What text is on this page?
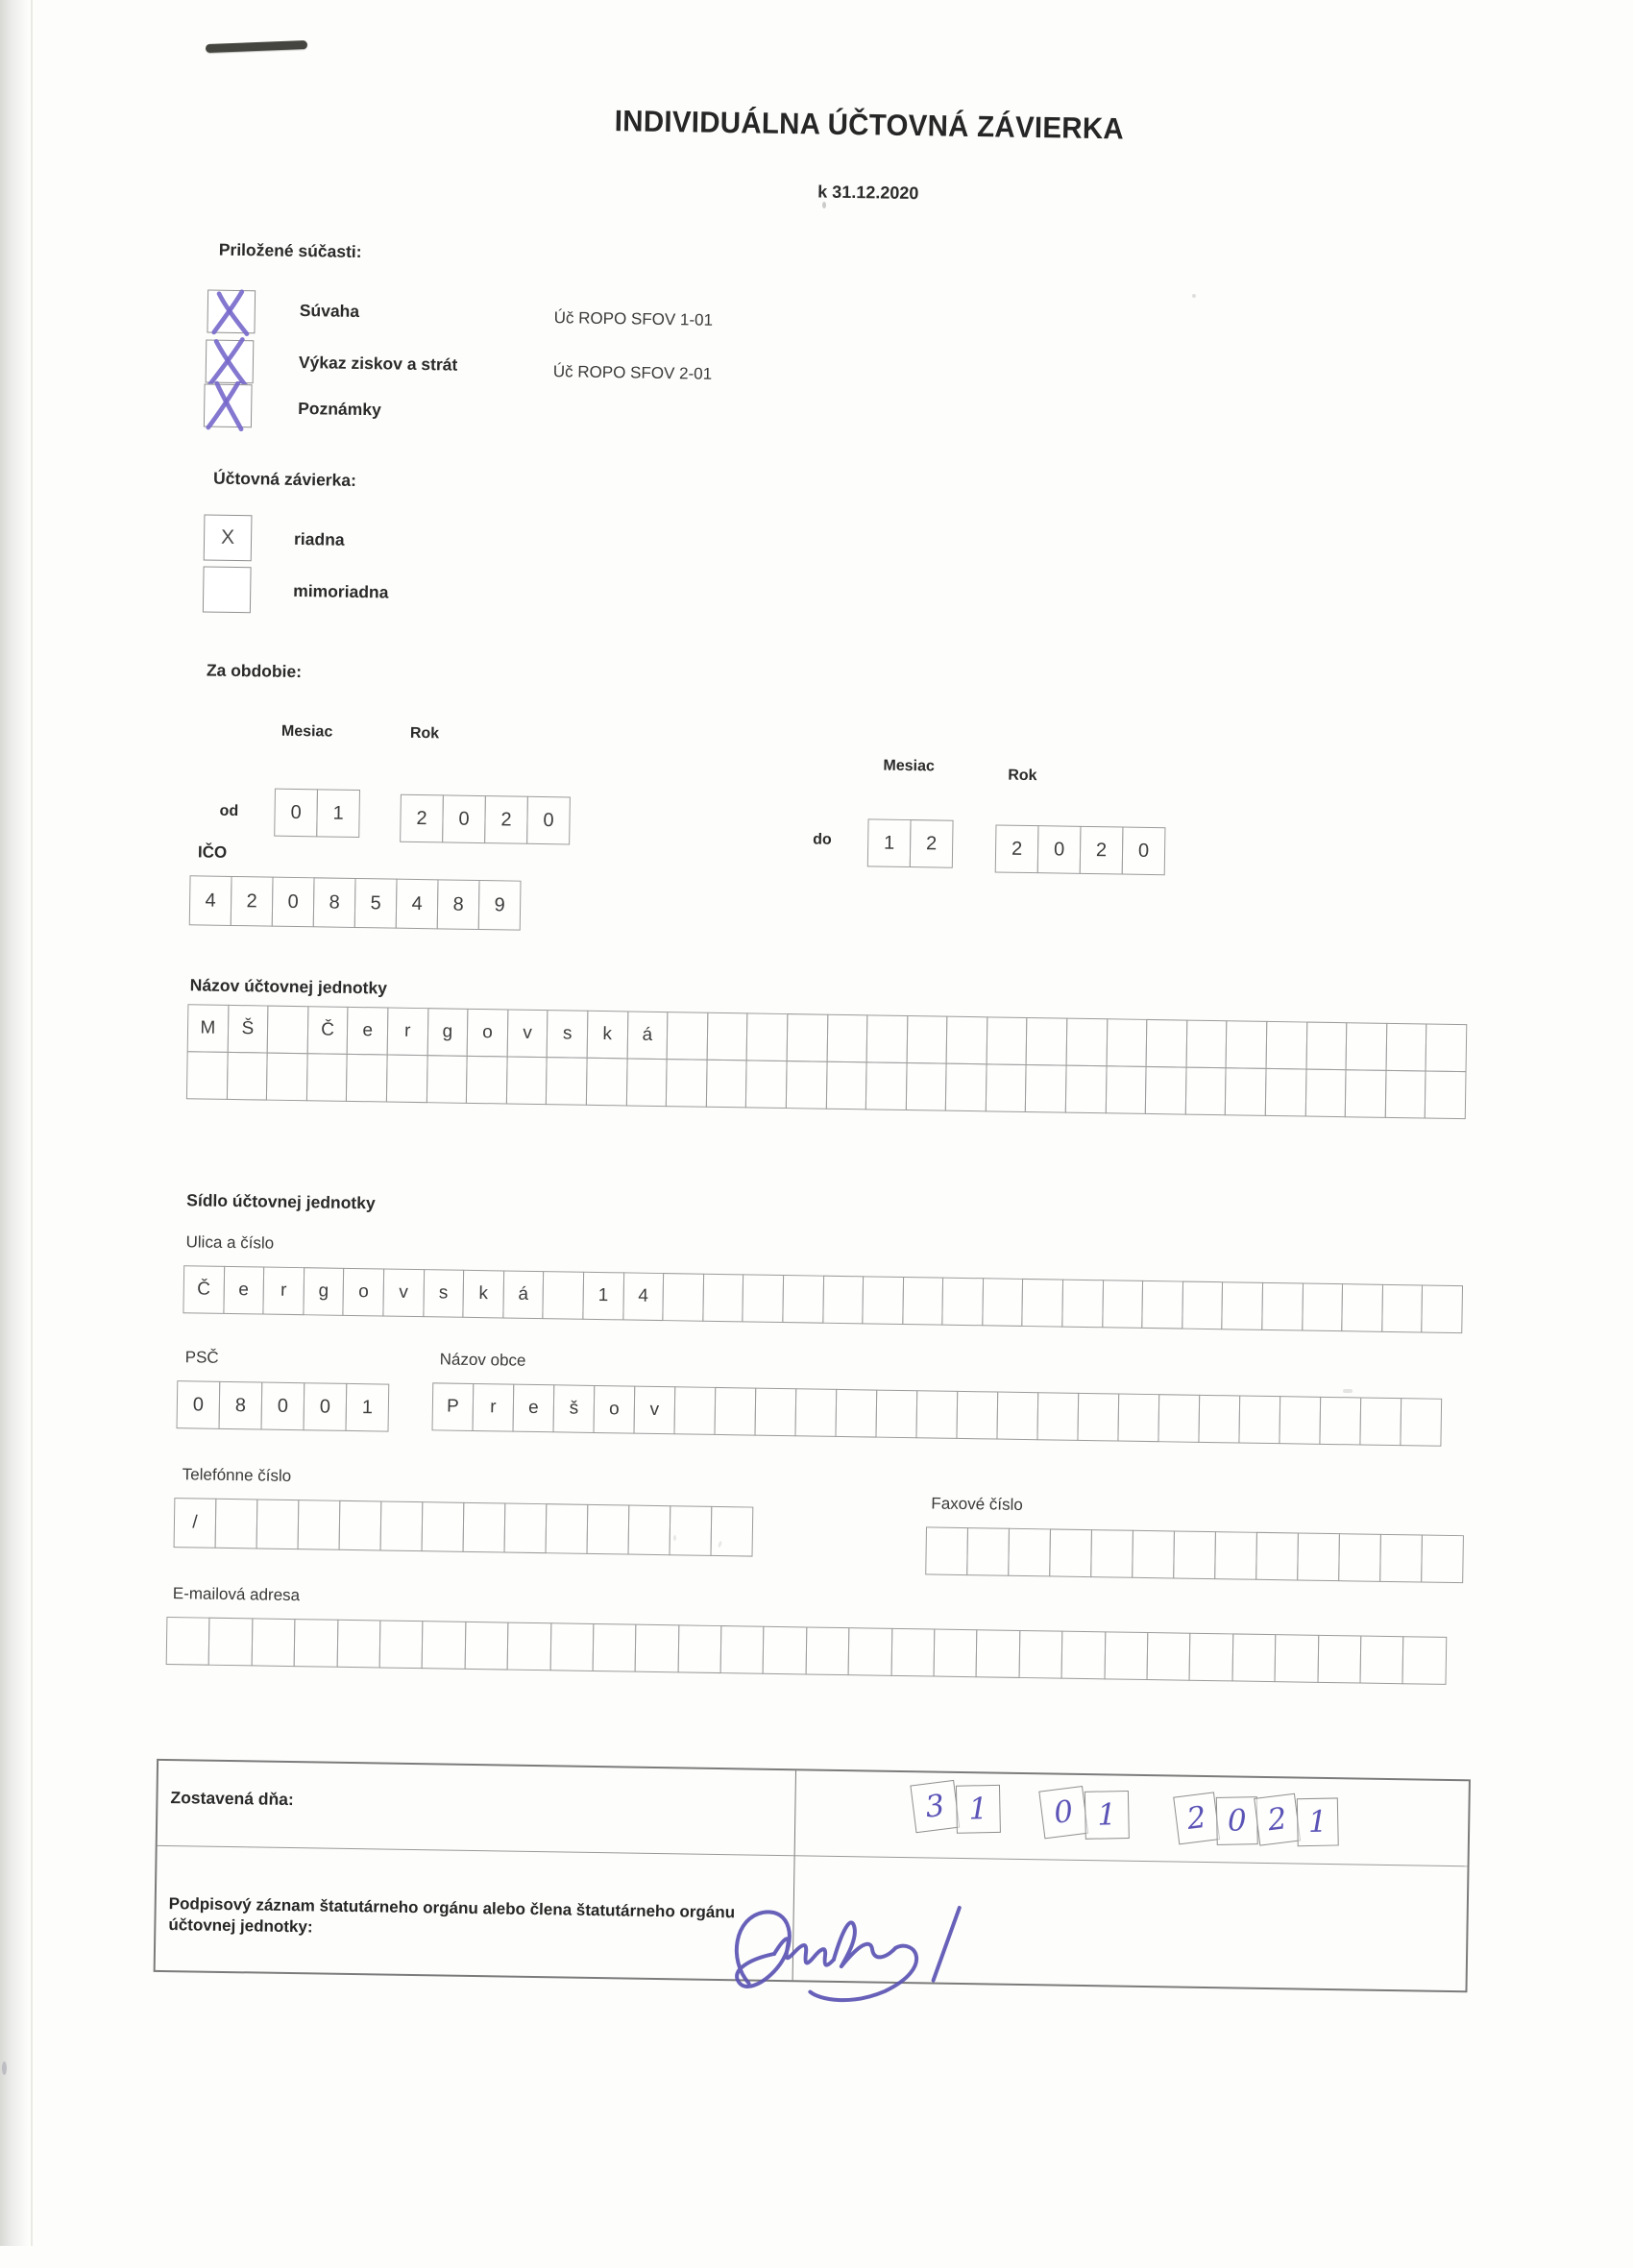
INDIVIDUÁLNA ÚČTOVNÁ ZÁVIERKA
k 31.12.2020
Priložené súčasti:
Súvaha	Úč ROPO SFOV 1-01
Výkaz ziskov a strát	Úč ROPO SFOV 2-01
Poznámky
Účtovná závierka:
X	riadna
mimoriadna
Za obdobie:
Mesiac	Rok
od	0	1	2	0	2	0
Mesiac
Rok
do	1	2	2	0	2	0
IČO
4	2	0	8	5	4	8	9
Názov účtovnej jednotky
M	Š	Č	e	r	g	o	v	s	k	á
Sídlo účtovnej jednotky
Ulica a číslo
Č	e	r	g	o	v	s	k	á	1	4
PSČ
0	8	0	0	1
Názov obce
P	r	e	š	o	v
Telefónne číslo
/
Faxové číslo
E-mailová adresa
Zostavená dňa:	3 1	0 1	2 0 2 1
Podpisový záznam štatutárneho orgánu alebo člena štatutárneho orgánu účtovnej jednotky:
